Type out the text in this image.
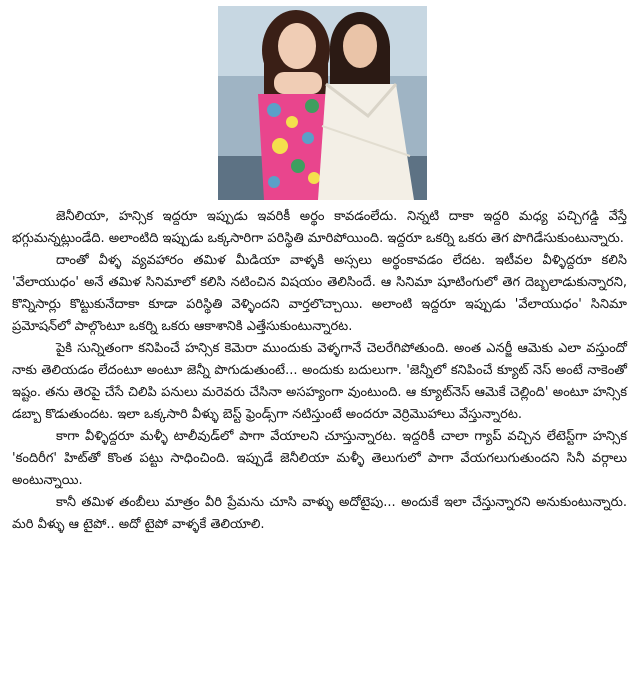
జెనీలియా, హన్సిక ఇద్దరూ ఇప్పుడు ఇవరికీ అర్థం కావడంలేదు. నిన్నటి దాకా ఇద్దరి మధ్య పచ్చిగడ్డి వేస్తే భగ్గుమన్నట్లుండేది. అలాంటిది ఇప్పుడు ఒక్కసారిగా పరిస్థితి మారిపోయింది. ఇద్దరూ ఒకర్ని ఒకరు తెగ పొగిడేసుకుంటున్నారు.

దాంతో వీళ్ళ వ్యవహారం తమిళ మీడియా వాళ్ళకి అస్సలు అర్థంకావడం లేదట. ఇటీవల వీళ్ళిద్దరూ కలిసి 'వేలాయుధం' అనే తమిళ సినిమాలో కలిసి నటించిన విషయం తెలిసిందే. ఆ సినిమా షూటింగులో తెగ దెబ్బలాడుకున్నారని, కొన్నిసార్లు కొట్టుకునేదాకా కూడా పరిస్థితి వెళ్ళిందని వార్తలొచ్చాయి. అలాంటి ఇద్దరూ ఇప్పుడు 'వేలాయుధం' సినిమా ప్రమోషన్‌లో పాల్గొంటూ ఒకర్ని ఒకరు ఆకాశానికి ఎత్తేసుకుంటున్నారట.

పైకి సున్నితంగా కనిపించే హన్సిక కెమెరా ముందుకు వెళ్ళగానే చెలరేగిపోతుంది. అంత ఎనర్జీ ఆమెకు ఎలా వస్తుందో నాకు తెలియడం లేదంటూ అంటూ జెన్నీ పొగుడుతుంటే... అందుకు బదులుగా. 'జెన్నీలో కనిపించే క్యూట్ నెస్ అంటే నాకెంతో ఇష్టం. తను తెరపై చేసే చిలిపి పనులు మరెవరు చేసినా అసహ్యంగా వుంటుంది. ఆ క్యూట్‌నెస్ ఆమెకే చెల్లింది' అంటూ హన్సిక డబ్బా కొడుతుందట. ఇలా ఒక్కసారి వీళ్ళు బెస్ట్ ఫ్రెండ్స్‌గా నటిస్తుంటే అందరూ వెర్రిమొహాలు వేస్తున్నారట.

కాగా వీళ్ళిద్దరూ మళ్ళీ టాలీవుడ్‌లో పాగా వేయాలని చూస్తున్నారట. ఇద్దరికీ చాలా గ్యాప్ వచ్చిన లేటెస్ట్‌గా హన్సిక 'కందిరీగ' హిట్‌తో కొంత పట్టు సాధించింది. ఇప్పుడే జెనీలియా మళ్ళీ తెలుగులో పాగా వేయగలుగుతుందని సినీ వర్గాలు అంటున్నాయి.

కానీ తమిళ తంబీలు మాత్రం వీరి ప్రేమను చూసి వాళ్ళు అదోటైపు... అందుకే ఇలా చేస్తున్నారని అనుకుంటున్నారు. మరి వీళ్ళు ఆ టైపో.. అదో టైపో వాళ్ళకే తెలియాలి.
